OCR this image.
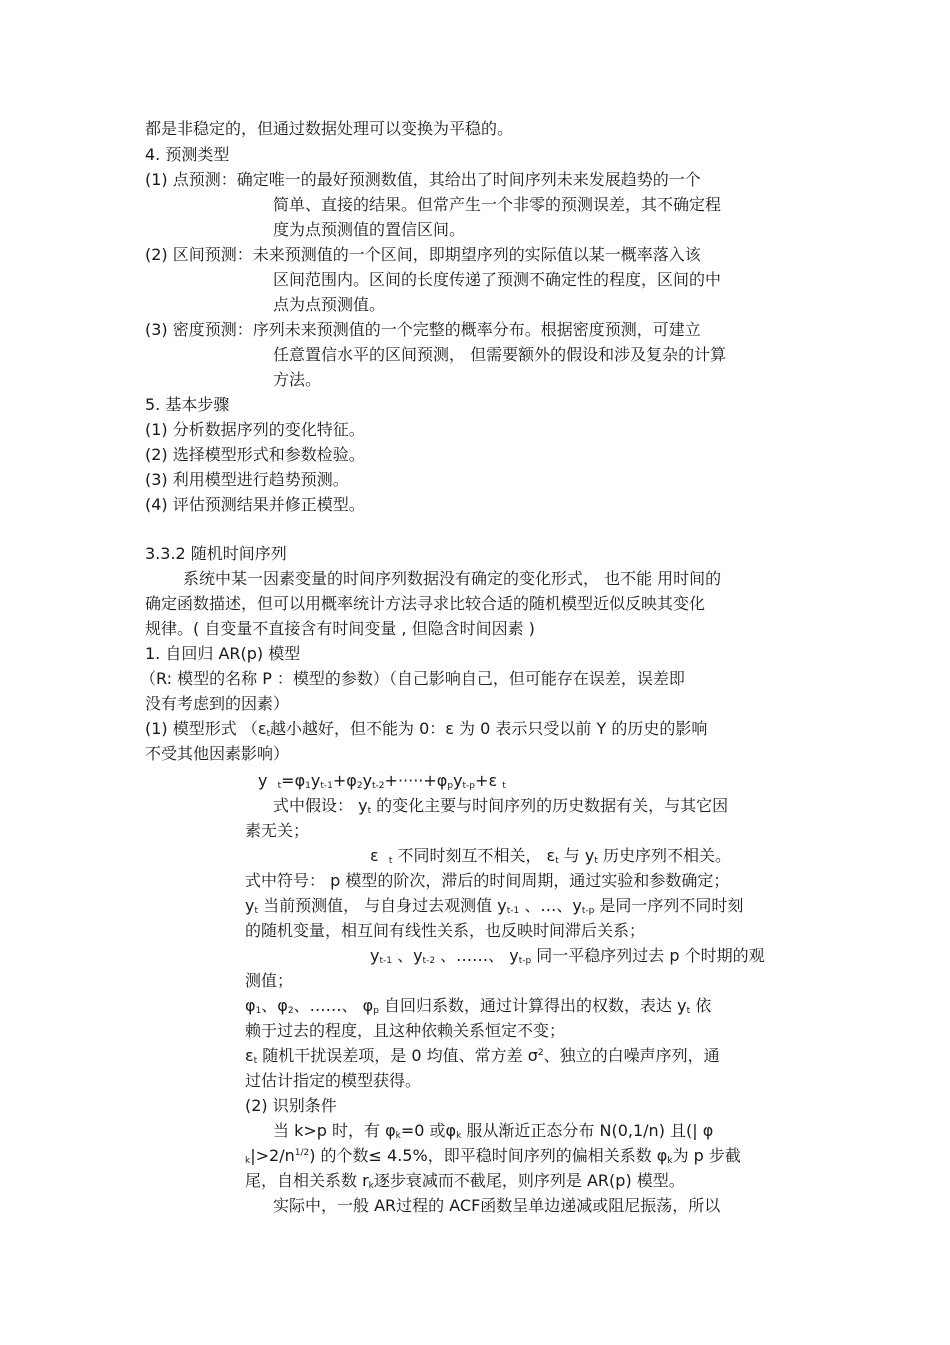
都是非稳定的，但通过数据处理可以变换为平稳的。
4. 预测类型
(1) 点预测：确定唯一的最好预测数值，其给出了时间序列未来发展趋势的一个
简单、直接的结果。但常产生一个非零的预测误差，其不确定程
度为点预测值的置信区间。
(2) 区间预测：未来预测值的一个区间，即期望序列的实际值以某一概率落入该
区间范围内。区间的长度传递了预测不确定性的程度，区间的中
点为点预测值。
(3) 密度预测：序列未来预测值的一个完整的概率分布。根据密度预测，可建立
任意置信水平的区间预测， 但需要额外的假设和涉及复杂的计算
方法。
5. 基本步骤
(1) 分析数据序列的变化特征。
(2) 选择模型形式和参数检验。
(3) 利用模型进行趋势预测。
(4) 评估预测结果并修正模型。
3.3.2 随机时间序列
系统中某一因素变量的时间序列数据没有确定的变化形式， 也不能 用时间的
确定函数描述，但可以用概率统计方法寻求比较合适的随机模型近似反映其变化
规律。( 自变量不直接含有时间变量 , 但隐含时间因素 )
1. 自回归 AR(p) 模型
（R: 模型的名称 P ：模型的参数）（自己影响自己，但可能存在误差，误差即
没有考虑到的因素）
(1) 模型形式 （$\varepsilon_t$越小越好，但不能为 0：ε 为 0 表示只受以前 Y 的历史的影响
不受其他因素影响）
y $_t=\varphi_1y_{t-1}+\varphi_2y_{t-2}+\cdot\cdot\cdot\cdot\cdot+\varphi_py_{t-p}+\varepsilon$ $_t$
式中假设： $y_t$ 的变化主要与时间序列的历史数据有关，与其它因
素无关；
ε $_t$ 不同时刻互不相关， $\varepsilon_t$ 与 $y_t$ 历史序列不相关。
式中符号： p 模型的阶次，滞后的时间周期，通过实验和参数确定；
$y_t$ 当前预测值， 与自身过去观测值 $y_{t-1}$ 、…、$y_{t-p}$ 是同一序列不同时刻
的随机变量，相互间有线性关系，也反映时间滞后关系；
$y_{t-1}$ 、$y_{t-2}$ 、……、 $y_{t-p}$ 同一平稳序列过去 p 个时期的观
测值；
$\varphi_1$、$\varphi_2$、……、 $\varphi_p$ 自回归系数，通过计算得出的权数，表达 $y_t$ 依
赖于过去的程度，且这种依赖关系恒定不变；
$\varepsilon_t$ 随机干扰误差项，是 0 均值、常方差 $\sigma^2$、独立的白噪声序列，通
过估计指定的模型获得。
(2) 识别条件
当 k>p 时，有 $\varphi_k=0$ 或$\varphi_k$ 服从渐近正态分布 N(0,1/n) 且(| φ
$_k|>2/n^{1/2}$) 的个数≤ 4.5%，即平稳时间序列的偏相关系数 $\varphi_k$为 p 步截
尾，自相关系数 $r_k$逐步衰减而不截尾，则序列是 AR(p) 模型。
实际中，一般 AR过程的 ACF函数呈单边递减或阻尼振荡，所以
